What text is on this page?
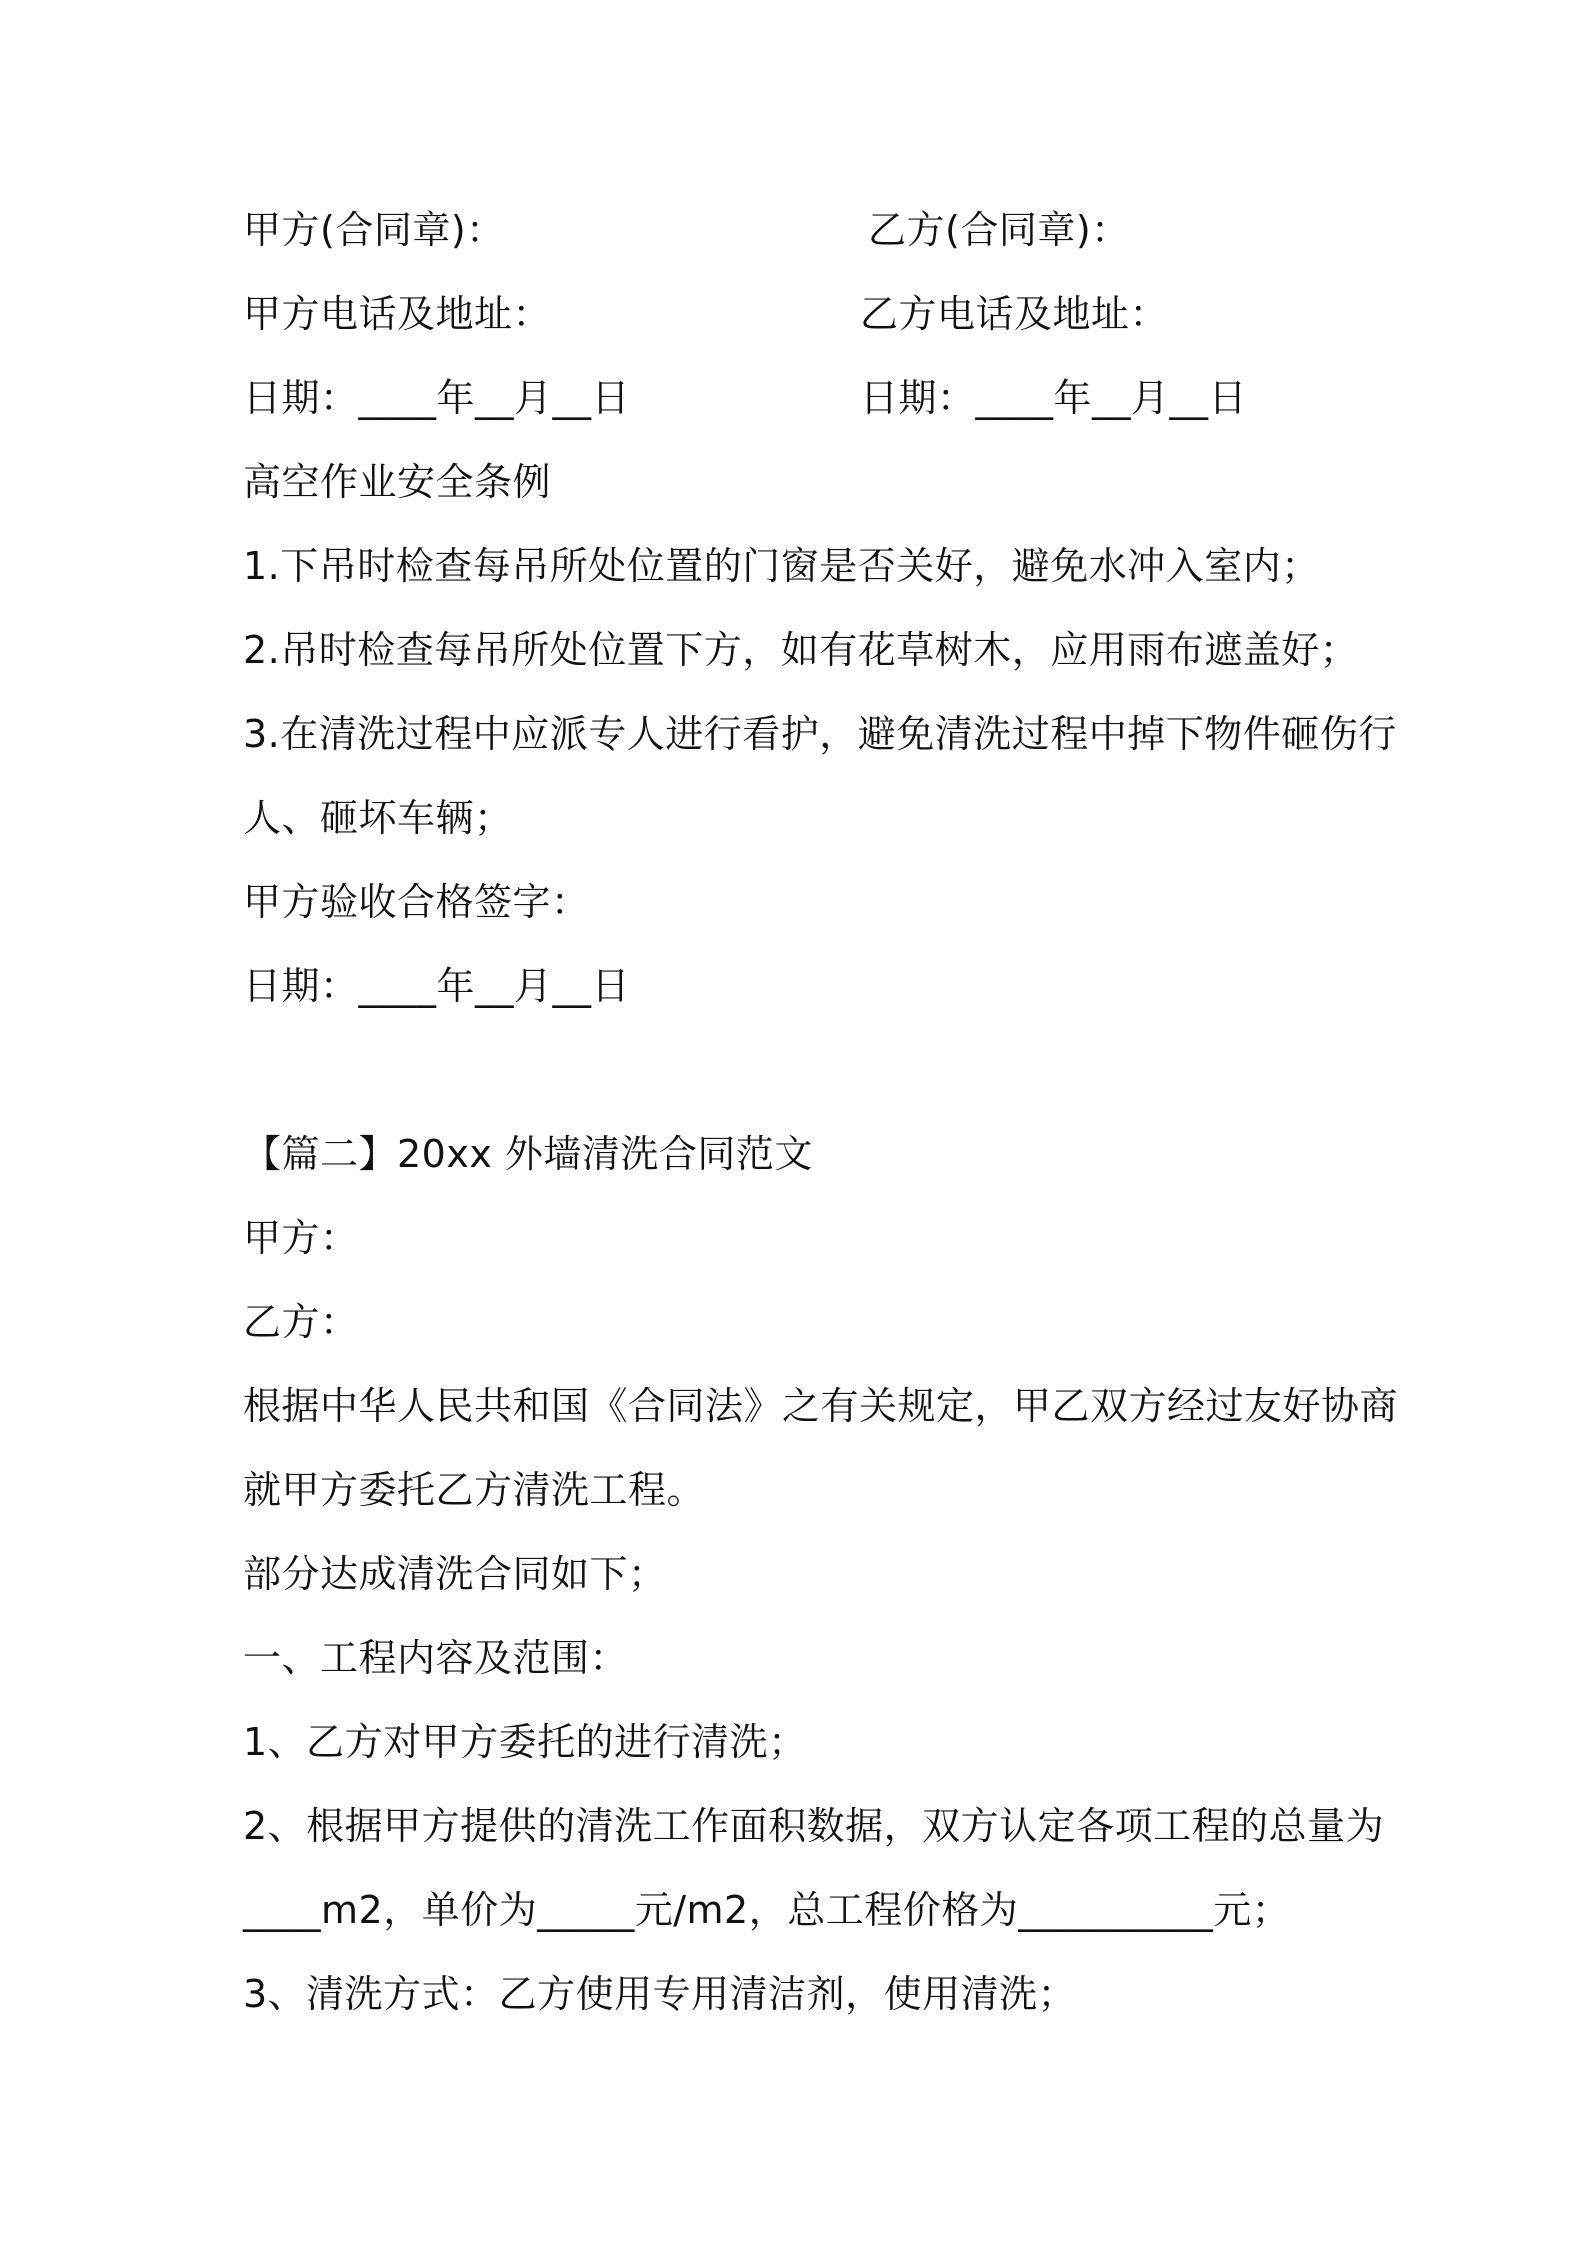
甲方(合同章)：	乙方(合同章)：
甲方电话及地址：	乙方电话及地址：
日期：____年__月__日	日期：____年__月__日
高空作业安全条例
1.下吊时检查每吊所处位置的门窗是否关好，避免水冲入室内；
2.吊时检查每吊所处位置下方，如有花草树木，应用雨布遮盖好；
3.在清洗过程中应派专人进行看护，避免清洗过程中掉下物件砸伤行
人、砸坏车辆；
甲方验收合格签字：
日期：____年__月__日
【篇二】20xx 外墙清洗合同范文
甲方：
乙方：
根据中华人民共和国《合同法》之有关规定，甲乙双方经过友好协商
就甲方委托乙方清洗工程。
部分达成清洗合同如下；
一、工程内容及范围：
1、乙方对甲方委托的进行清洗；
2、根据甲方提供的清洗工作面积数据，双方认定各项工程的总量为
____m2，单价为_____元/m2，总工程价格为__________元；
3、清洗方式：乙方使用专用清洁剂，使用清洗；
